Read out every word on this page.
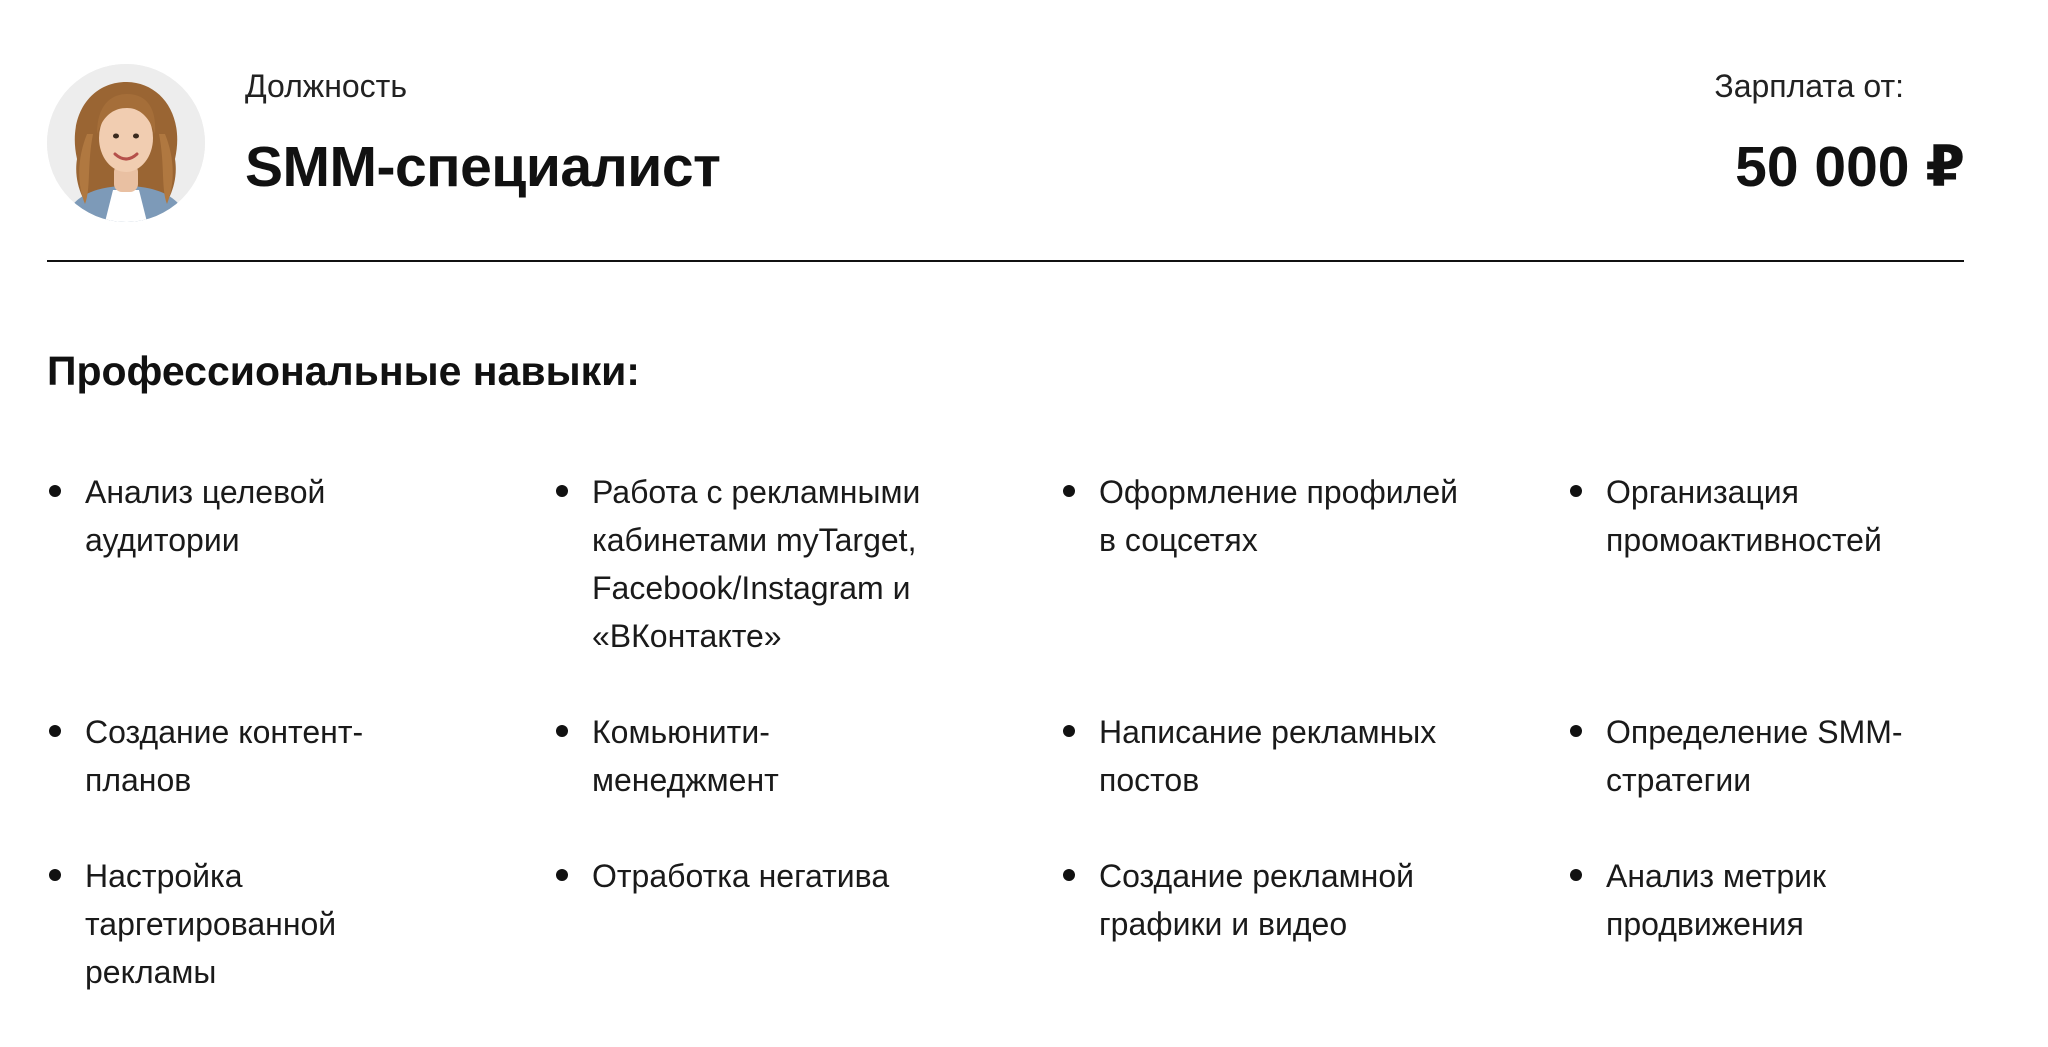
Должность
SMM-специалист
Зарплата от:
50 000 ₽
Профессиональные навыки:
Анализ целевой аудитории
Работа с рекламными кабинетами myTarget, Facebook/Instagram и «ВКонтакте»
Оформление профилей в соцсетях
Организация промоактивностей
Создание контент-планов
Комьюнити-менеджмент
Написание рекламных постов
Определение SMM-стратегии
Настройка таргетированной рекламы
Отработка негатива	Создание рекламной графики и видео
Анализ метрик продвижения
